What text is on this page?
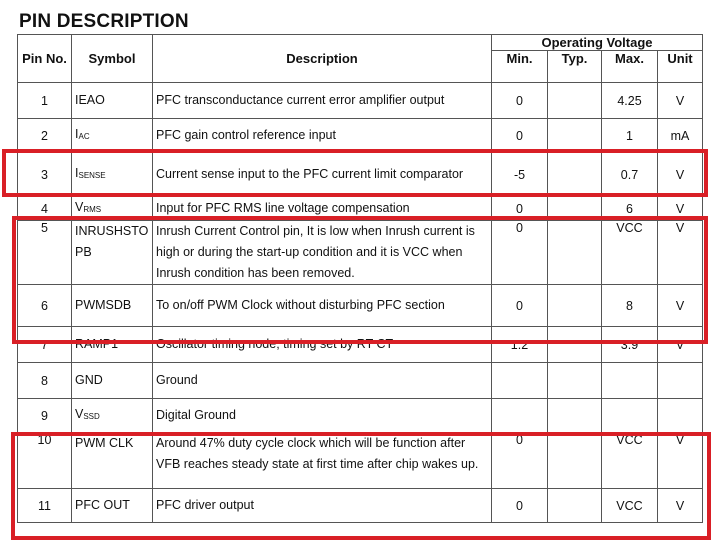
PIN DESCRIPTION
Pin No.	Symbol	Description	Operating Voltage			
			Min.	Typ.	Max.	Unit
1	IEAO	PFC transconductance current error amplifier output	0		4.25	V
2	IAC	PFC gain control reference input	0		1	mA
3	ISENSE	Current sense input to the PFC current limit comparator	-5		0.7	V
4	VRMS	Input for PFC RMS line voltage compensation	0		6	V
5	INRUSHSTOPB	Inrush Current Control pin, It is low when Inrush current is high or during the start-up condition and it is VCC when Inrush condition has been removed.	0		VCC	V
6	PWMSDB	To on/off PWM Clock without disturbing PFC section	0		8	V
7	RAMP1	Oscillator timing node; timing set by RT CT	1.2		3.9	V
8	GND	Ground				
9	VSSD	Digital Ground				
10	PWM CLK	Around 47% duty cycle clock which will be function after VFB reaches steady state at first time after chip wakes up.	0		VCC	V
11	PFC OUT	PFC driver output	0		VCC	V
